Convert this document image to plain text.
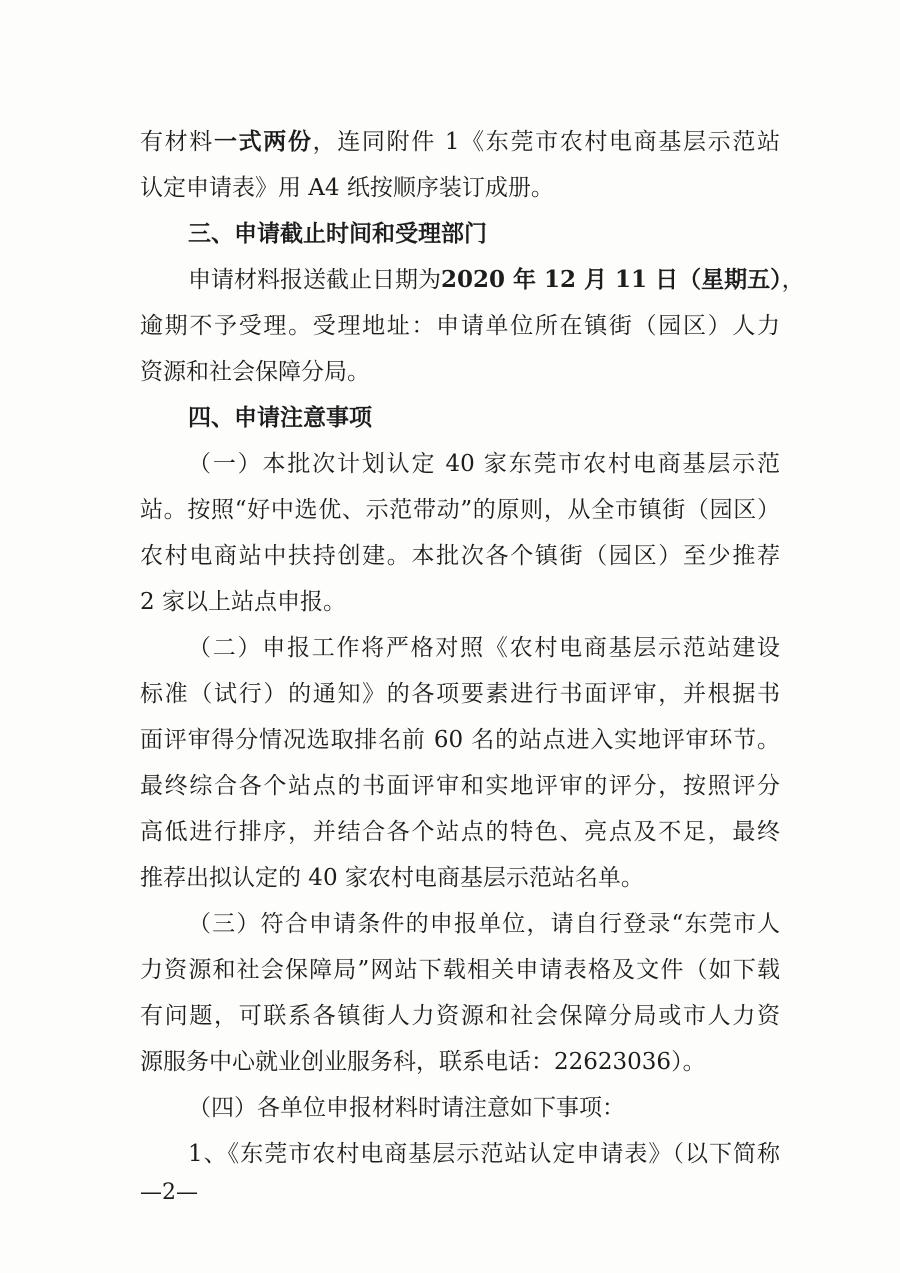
有材料一式两份，连同附件 1《东莞市农村电商基层示范站
认定申请表》用 A4 纸按顺序装订成册。
三、申请截止时间和受理部门
申请材料报送截止日期为2020 年 12 月 11 日（星期五），
逾期不予受理。受理地址：申请单位所在镇街（园区）人力
资源和社会保障分局。
四、申请注意事项
（一）本批次计划认定 40 家东莞市农村电商基层示范
站。按照“好中选优、示范带动”的原则，从全市镇街（园区）
农村电商站中扶持创建。本批次各个镇街（园区）至少推荐
2 家以上站点申报。
（二）申报工作将严格对照《农村电商基层示范站建设
标准（试行）的通知》的各项要素进行书面评审，并根据书
面评审得分情况选取排名前 60 名的站点进入实地评审环节。
最终综合各个站点的书面评审和实地评审的评分，按照评分
高低进行排序，并结合各个站点的特色、亮点及不足，最终
推荐出拟认定的 40 家农村电商基层示范站名单。
（三）符合申请条件的申报单位，请自行登录“东莞市人
力资源和社会保障局”网站下载相关申请表格及文件（如下载
有问题，可联系各镇街人力资源和社会保障分局或市人力资
源服务中心就业创业服务科，联系电话：22623036）。
（四）各单位申报材料时请注意如下事项：
1、《东莞市农村电商基层示范站认定申请表》（以下简称
—2—
